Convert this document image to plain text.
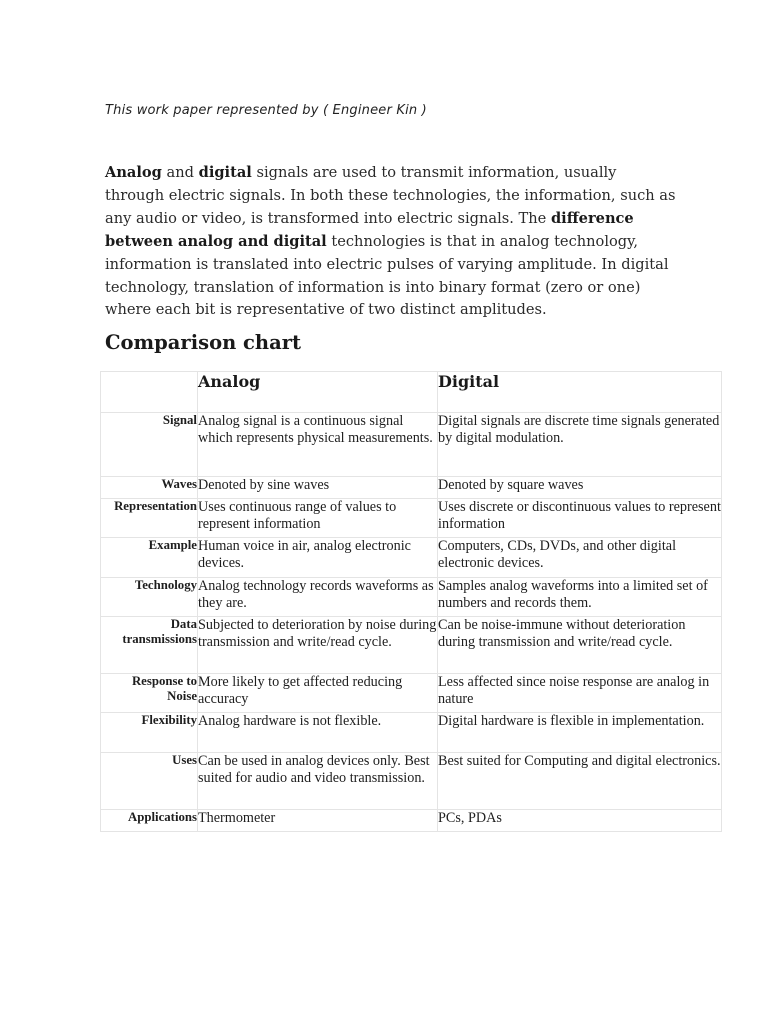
This work paper represented by ( Engineer Kin )

Analog and digital signals are used to transmit information, usually
through electric signals. In both these technologies, the information, such as
any audio or video, is transformed into electric signals. The difference
between analog and digital technologies is that in analog technology,
information is translated into electric pulses of varying amplitude. In digital
technology, translation of information is into binary format (zero or one)
where each bit is representative of two distinct amplitudes.

Comparison chart
	Analog	Digital
Signal	Analog signal is a continuous signal which represents physical measurements.	Digital signals are discrete time signals generated by digital modulation.
Waves	Denoted by sine waves	Denoted by square waves
Representation	Uses continuous range of values to represent information	Uses discrete or discontinuous values to represent information
Example	Human voice in air, analog electronic devices.	Computers, CDs, DVDs, and other digital electronic devices.
Technology	Analog technology records waveforms as they are.	Samples analog waveforms into a limited set of numbers and records them.
Data transmissions	Subjected to deterioration by noise during transmission and write/read cycle.	Can be noise-immune without deterioration during transmission and write/read cycle.
Response to Noise	More likely to get affected reducing accuracy	Less affected since noise response are analog in nature
Flexibility	Analog hardware is not flexible.	Digital hardware is flexible in implementation.
Uses	Can be used in analog devices only. Best suited for audio and video transmission.	Best suited for Computing and digital electronics.
Applications	Thermometer	PCs, PDAs
